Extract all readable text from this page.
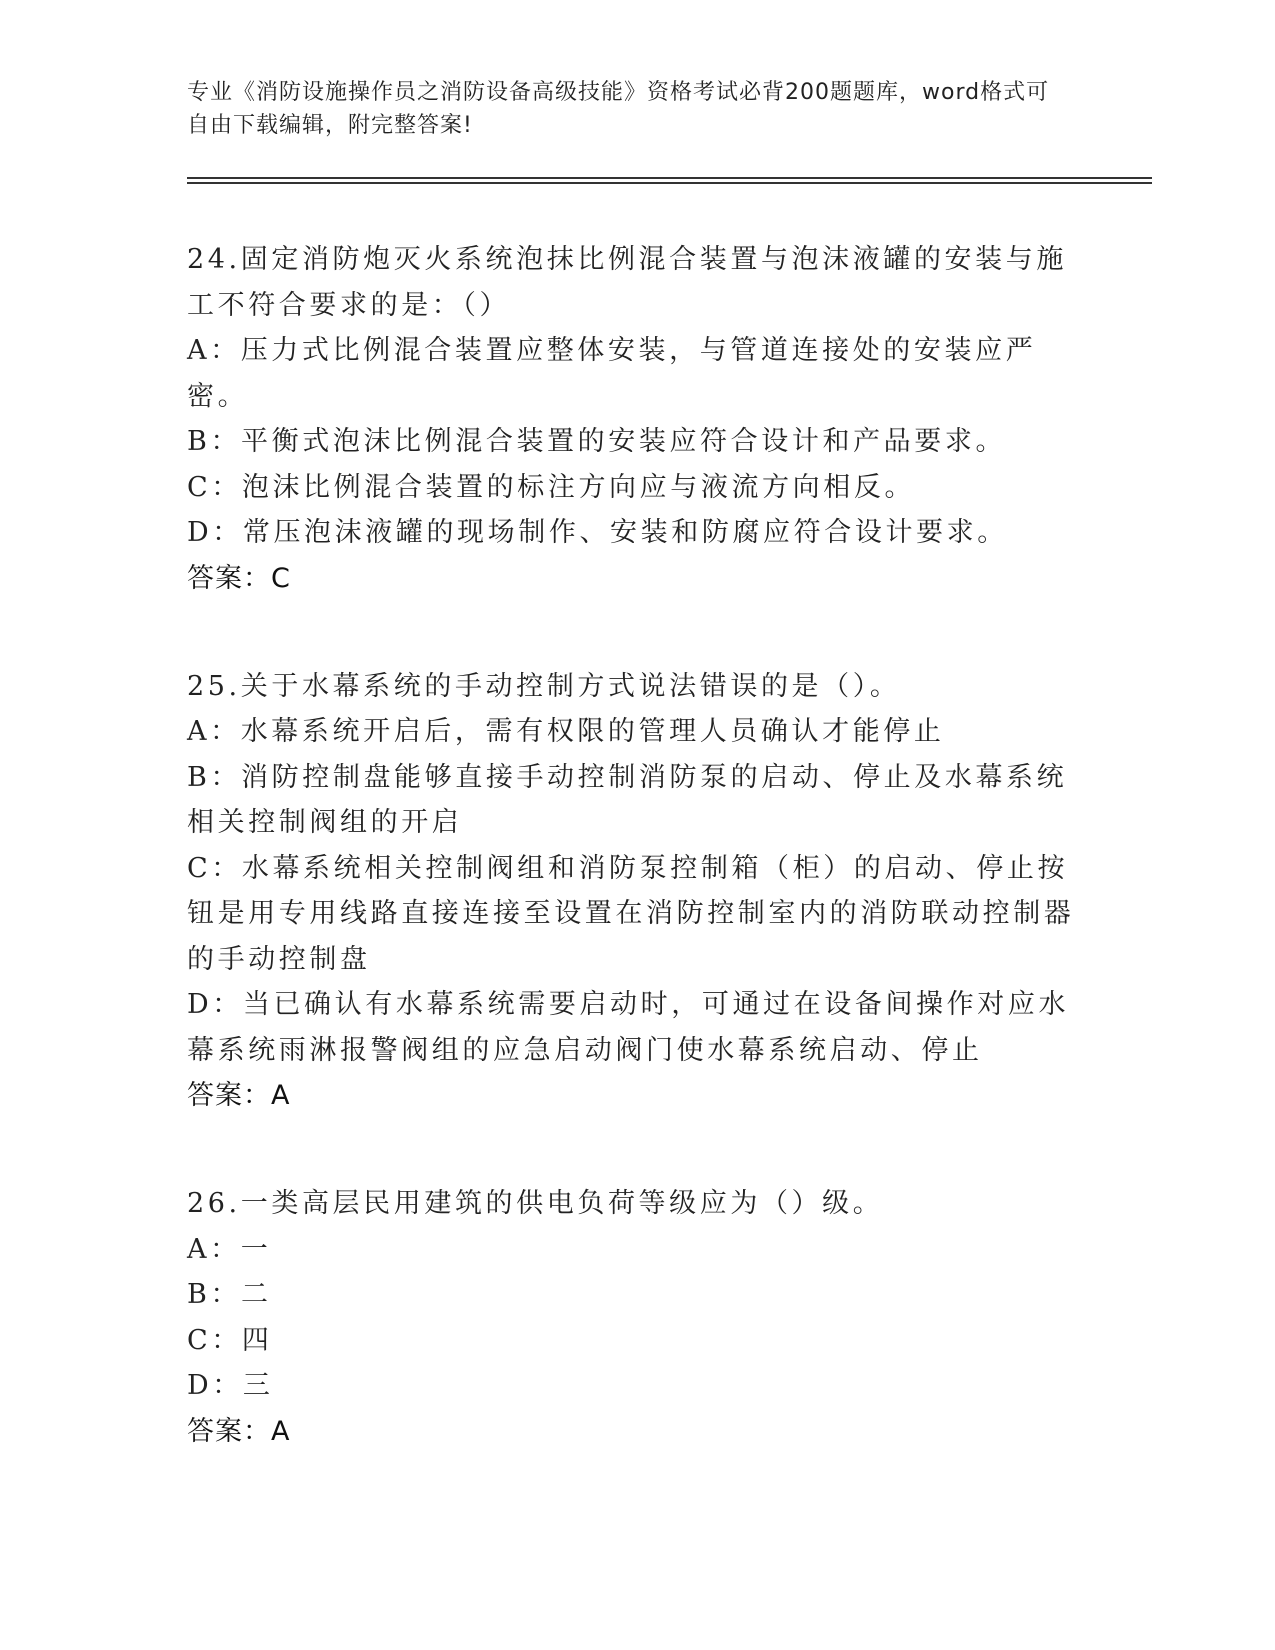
专业《消防设施操作员之消防设备高级技能》资格考试必背200题题库，word格式可自由下载编辑，附完整答案!
24.固定消防炮灭火系统泡抹比例混合装置与泡沫液罐的安装与施工不符合要求的是：（）
A：压力式比例混合装置应整体安装，与管道连接处的安装应严密。
B：平衡式泡沫比例混合装置的安装应符合设计和产品要求。
C：泡沫比例混合装置的标注方向应与液流方向相反。
D：常压泡沫液罐的现场制作、安装和防腐应符合设计要求。
答案：C
25.关于水幕系统的手动控制方式说法错误的是（）。
A：水幕系统开启后，需有权限的管理人员确认才能停止
B：消防控制盘能够直接手动控制消防泵的启动、停止及水幕系统相关控制阀组的开启
C：水幕系统相关控制阀组和消防泵控制箱（柜）的启动、停止按钮是用专用线路直接连接至设置在消防控制室内的消防联动控制器的手动控制盘
D：当已确认有水幕系统需要启动时，可通过在设备间操作对应水幕系统雨淋报警阀组的应急启动阀门使水幕系统启动、停止
答案：A
26.一类高层民用建筑的供电负荷等级应为（）级。
A：一
B：二
C：四
D：三
答案：A
